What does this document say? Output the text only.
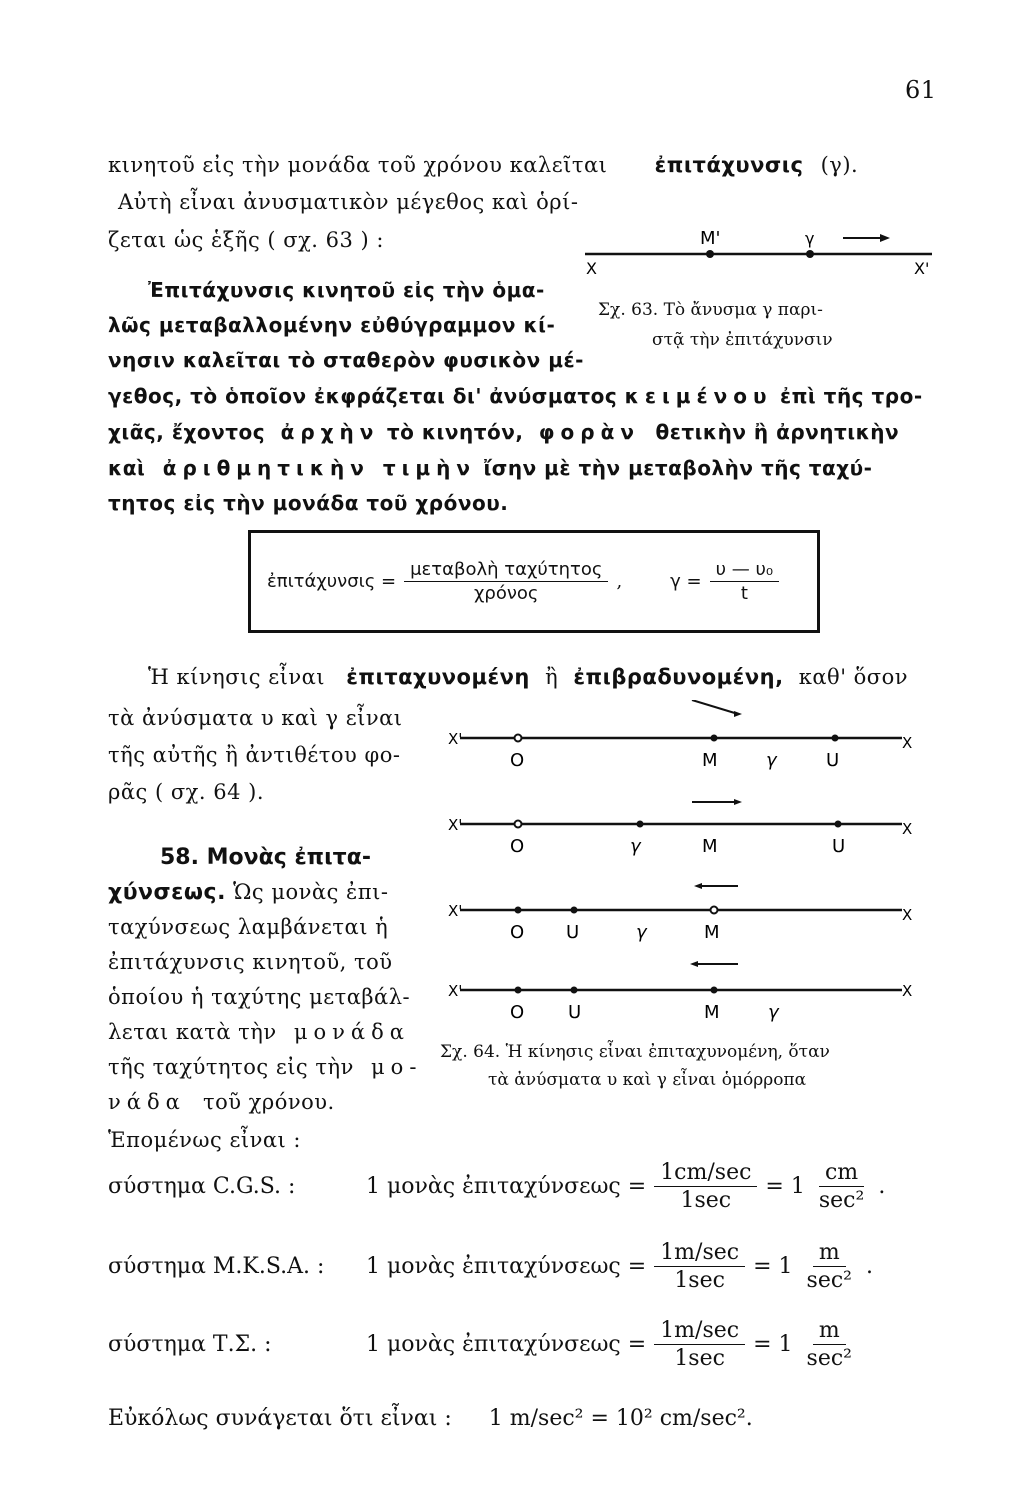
61
κινητοῦ εἰς τὴν μονάδα τοῦ χρόνου καλεῖται ἐπιτάχυνσις (γ).
Αὐτὴ εἶναι ἀνυσματικὸν μέγεθος καὶ ὁρί-
ζεται ὡς ἑξῆς ( σχ. 63 ) :
X	X'
M'	γ
Σχ. 63. Τὸ ἄνυσμα γ παρι-
στᾷ τὴν ἐπιτάχυνσιν
Ἐπιτάχυνσις κινητοῦ εἰς τὴν ὁμα-
λῶς μεταβαλλομένην εὐθύγραμμον κί-
νησιν καλεῖται τὸ σταθερὸν φυσικὸν μέ-
γεθος, τὸ ὁποῖον ἐκφράζεται δι' ἀνύσματος κειμένου ἐπὶ τῆς τρο-
χιᾶς, ἔχοντος ἀρχὴν τὸ κινητόν, φορὰν θετικὴν ἢ ἀρνητικὴν
καὶ ἀριθμητικὴν τιμὴν ἴσην μὲ τὴν μεταβολὴν τῆς ταχύ-
τητος εἰς τὴν μονάδα τοῦ χρόνου.
ἐπιτάχυνσις = $\frac{\text{μεταβολὴ ταχύτητος}}{\text{χρόνος}}$ ,	$\gamma = \frac{\text{υ — υ₀}}{t}$
Ἡ κίνησις εἶναι ἐπιταχυνομένη ἢ ἐπιβραδυνομένη, καθ' ὅσον
τὰ ἀνύσματα υ καὶ γ εἶναι
τῆς αὐτῆς ἢ ἀντιθέτου φο-
ρᾶς ( σχ. 64 ).
58. Μονὰς ἐπιτα-
χύνσεως. Ὡς μονὰς ἐπι-
ταχύνσεως λαμβάνεται ἡ
ἐπιτάχυνσις κινητοῦ, τοῦ
ὁποίου ἡ ταχύτης μεταβάλ-
λεται κατὰ τὴν μονάδα
τῆς ταχύτητος εἰς τὴν μο-
νάδα τοῦ χρόνου.
Ἑπομένως εἶναι :
X'	X
O	M	γ	U
X'	X
O	γ	M	U
X'	X
O U	γ	M
X'	X
O U	M	γ
Σχ. 64. Ἡ κίνησις εἶναι ἐπιταχυνομένη, ὅταν
τὰ ἀνύσματα υ καὶ γ εἶναι ὁμόρροπα
σύστημα C.G.S. :	1 μονὰς ἐπιταχύνσεως = $\frac{1cm/\sec}{1\sec} = 1 \frac{cm}{\text{sec²}}$ .
σύστημα M.K.S.A. :	1 μονὰς ἐπιταχύνσεως = $\frac{1m/\sec}{1\sec} = 1 \frac{m}{\text{sec²}}$ .
σύστημα Τ.Σ. :	1 μονὰς ἐπιταχύνσεως = $\frac{1m/\sec}{1\sec} = 1 \frac{m}{\text{sec²}}$
Εὐκόλως συνάγεται ὅτι εἶναι : 1 m/sec² = 10² cm/sec².
